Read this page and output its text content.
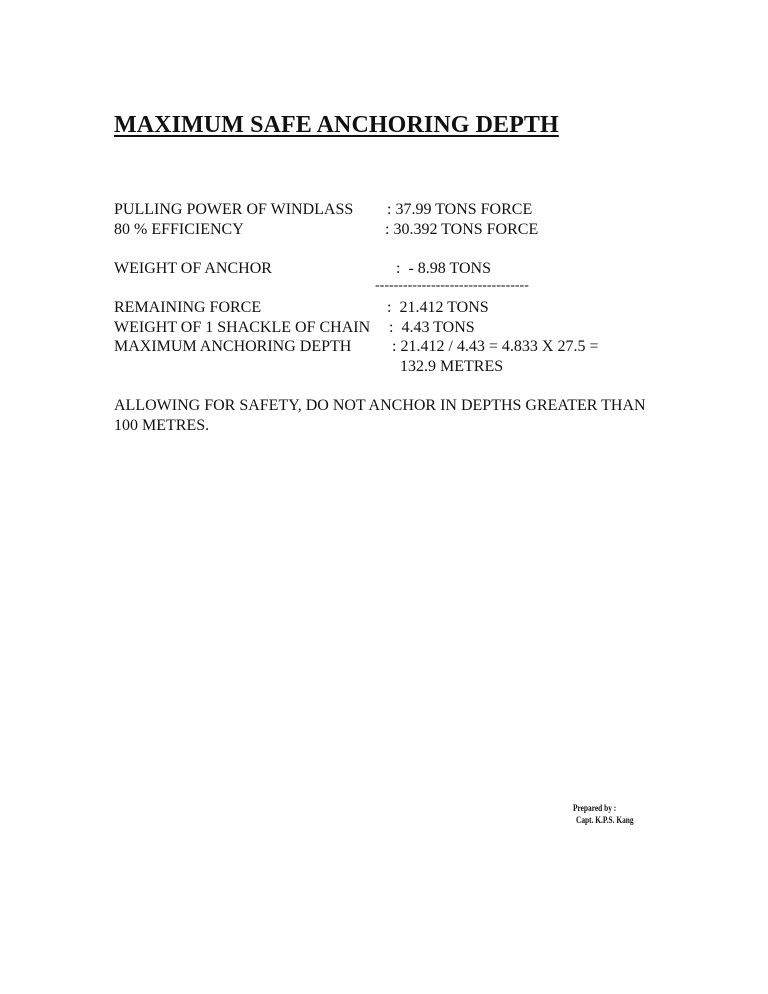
MAXIMUM SAFE ANCHORING DEPTH
PULLING POWER OF WINDLASS : 37.99 TONS FORCE
80 % EFFICIENCY	: 30.392 TONS FORCE
WEIGHT OF ANCHOR	:  - 8.98 TONS
---------------------------------
REMAINING FORCE	:  21.412 TONS
WEIGHT OF 1 SHACKLE OF CHAIN :  4.43 TONS
MAXIMUM ANCHORING DEPTH	: 21.412 / 4.43 = 4.833 X 27.5 =
132.9 METRES
ALLOWING FOR SAFETY, DO NOT ANCHOR IN DEPTHS GREATER THAN 100 METRES.
Prepared by :
Capt. K.P.S. Kang
